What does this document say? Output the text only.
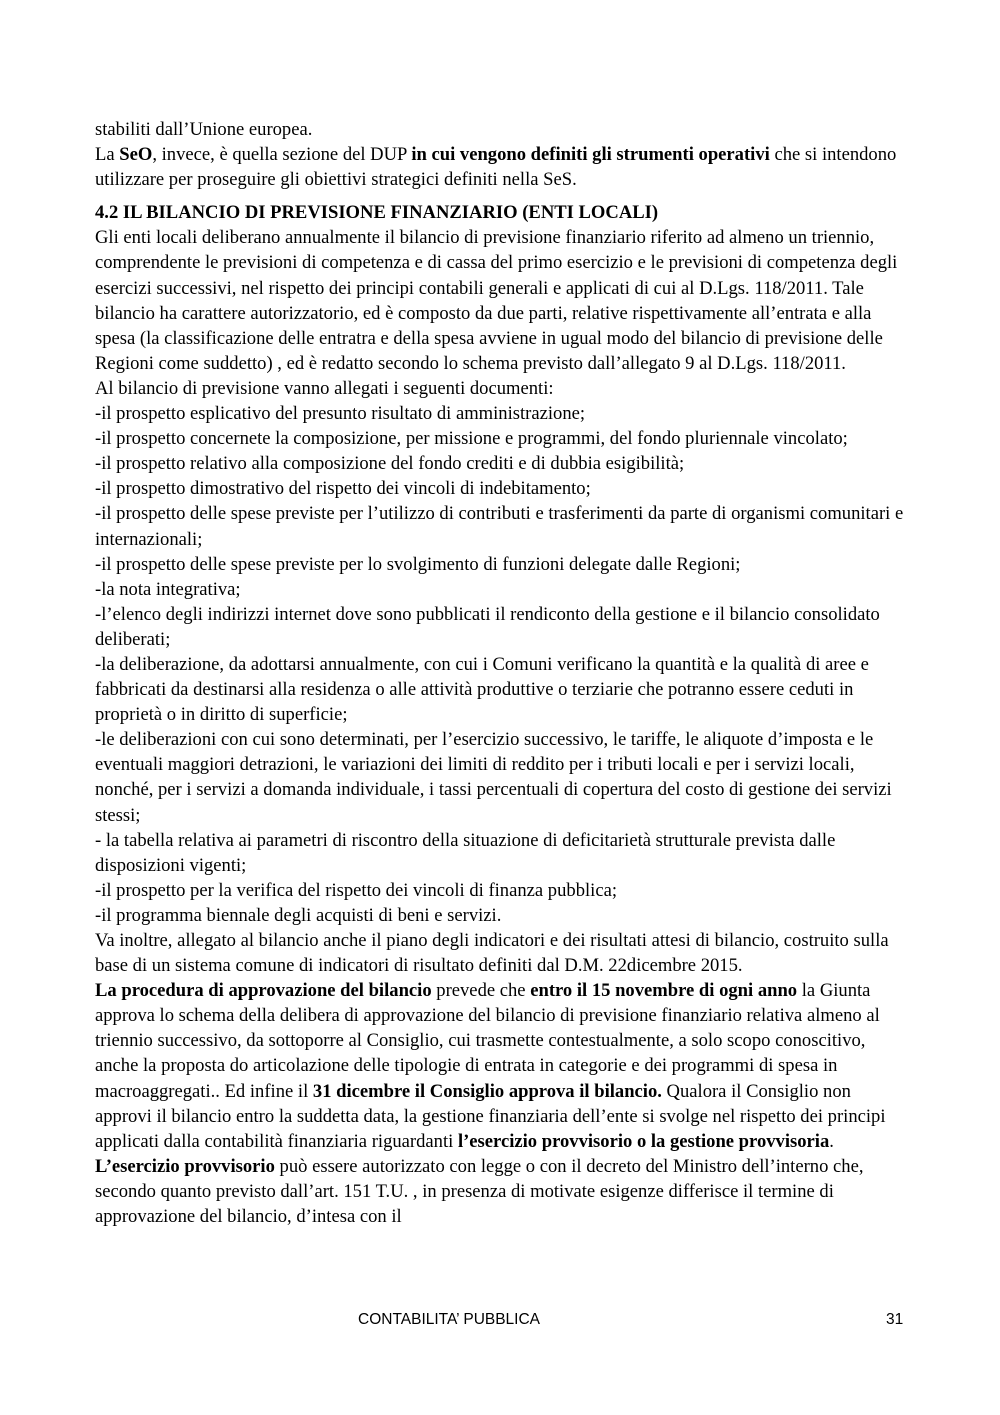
stabiliti dall’Unione europea.

La SeO, invece, è quella sezione del DUP in cui vengono definiti gli strumenti operativi che si intendono utilizzare per proseguire gli obiettivi strategici definiti nella SeS.

4.2 IL BILANCIO DI PREVISIONE FINANZIARIO (ENTI LOCALI)

Gli enti locali deliberano annualmente il bilancio di previsione finanziario riferito ad almeno un triennio, comprendente le previsioni di competenza e di cassa del primo esercizio e le previsioni di competenza degli esercizi successivi, nel rispetto dei principi contabili generali e applicati di cui al D.Lgs. 118/2011. Tale bilancio ha carattere autorizzatorio, ed è composto da due parti, relative rispettivamente all’entrata e alla spesa (la classificazione delle entratra e della spesa avviene in ugual modo del bilancio di previsione delle Regioni come suddetto) , ed è redatto secondo lo schema previsto dall’allegato 9 al D.Lgs. 118/2011.

Al bilancio di previsione vanno allegati i seguenti documenti:

-il prospetto esplicativo del presunto risultato di amministrazione;

-il prospetto concernete la composizione, per missione e programmi, del fondo pluriennale vincolato;

-il prospetto relativo alla composizione del fondo crediti e di dubbia esigibilità;

-il prospetto dimostrativo del rispetto dei vincoli di indebitamento;

-il prospetto delle spese previste per l’utilizzo di contributi e trasferimenti da parte di organismi comunitari e internazionali;

-il prospetto delle spese previste per lo svolgimento di funzioni delegate dalle Regioni;

-la nota integrativa;

-l’elenco degli indirizzi internet dove sono pubblicati il rendiconto della gestione e il bilancio consolidato deliberati;

-la deliberazione, da adottarsi annualmente, con cui i Comuni verificano la quantità e la qualità di aree e fabbricati da destinarsi alla residenza o alle attività produttive o terziarie che potranno essere ceduti in proprietà o in diritto di superficie;

-le deliberazioni con cui sono determinati, per l’esercizio successivo, le tariffe, le aliquote d’imposta e le eventuali maggiori detrazioni, le variazioni dei limiti di reddito per i tributi locali e per i servizi locali, nonché, per i servizi a domanda individuale, i tassi percentuali di copertura del costo di gestione dei servizi stessi;

- la tabella relativa ai parametri di riscontro della situazione di deficitarietà strutturale prevista dalle disposizioni vigenti;

-il prospetto per la verifica del rispetto dei vincoli di finanza pubblica;

-il programma biennale degli acquisti di beni e servizi.

Va inoltre, allegato al bilancio anche il piano degli indicatori e dei risultati attesi di bilancio, costruito sulla base di un sistema comune di indicatori di risultato definiti dal D.M. 22dicembre 2015.

La procedura di approvazione del bilancio prevede che entro il 15 novembre di ogni anno la Giunta approva lo schema della delibera di approvazione del bilancio di previsione finanziario relativa almeno al triennio successivo, da sottoporre al Consiglio, cui trasmette contestualmente, a solo scopo conoscitivo, anche la proposta do articolazione delle tipologie di entrata in categorie e dei programmi di spesa in macroaggregati.. Ed infine il 31 dicembre il Consiglio approva il bilancio. Qualora il Consiglio non approvi il bilancio entro la suddetta data, la gestione finanziaria dell’ente si svolge nel rispetto dei principi applicati dalla contabilità finanziaria riguardanti l’esercizio provvisorio o la gestione provvisoria. L’esercizio provvisorio può essere autorizzato con legge o con il decreto del Ministro dell’interno che, secondo quanto previsto dall’art. 151 T.U. , in presenza di motivate esigenze differisce il termine di approvazione del bilancio, d’intesa con il

CONTABILITA’ PUBBLICA	31
